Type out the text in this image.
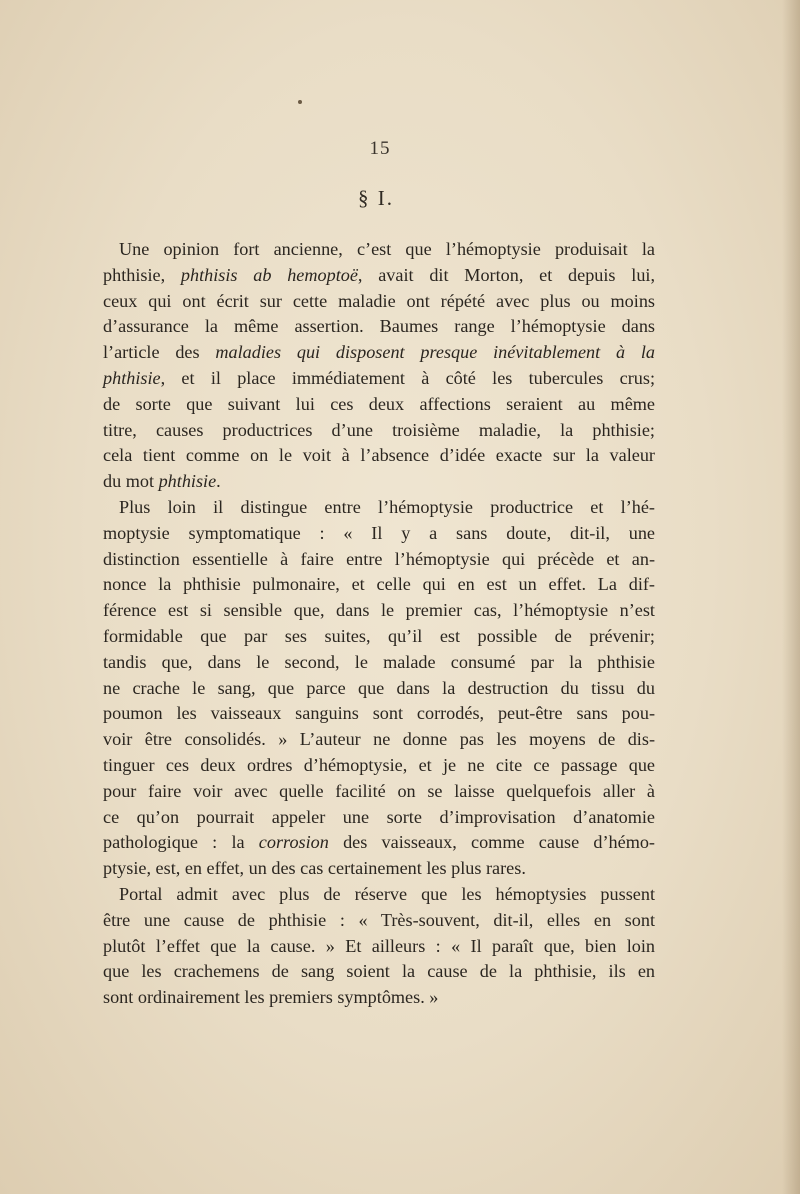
15
§ I.
Une opinion fort ancienne, c’est que l’hémoptysie produisait la
phthisie, phthisis ab hemoptoë, avait dit Morton, et depuis lui,
ceux qui ont écrit sur cette maladie ont répété avec plus ou moins
d’assurance la même assertion. Baumes range l’hémoptysie dans
l’article des maladies qui disposent presque inévitablement à la
phthisie, et il place immédiatement à côté les tubercules crus;
de sorte que suivant lui ces deux affections seraient au même
titre, causes productrices d’une troisième maladie, la phthisie;
cela tient comme on le voit à l’absence d’idée exacte sur la valeur
du mot phthisie.
Plus loin il distingue entre l’hémoptysie productrice et l’hé-
moptysie symptomatique : « Il y a sans doute, dit-il, une
distinction essentielle à faire entre l’hémoptysie qui précède et an-
nonce la phthisie pulmonaire, et celle qui en est un effet. La dif-
férence est si sensible que, dans le premier cas, l’hémoptysie n’est
formidable que par ses suites, qu’il est possible de prévenir;
tandis que, dans le second, le malade consumé par la phthisie
ne crache le sang, que parce que dans la destruction du tissu du
poumon les vaisseaux sanguins sont corrodés, peut-être sans pou-
voir être consolidés. » L’auteur ne donne pas les moyens de dis-
tinguer ces deux ordres d’hémoptysie, et je ne cite ce passage que
pour faire voir avec quelle facilité on se laisse quelquefois aller à
ce qu’on pourrait appeler une sorte d’improvisation d’anatomie
pathologique : la corrosion des vaisseaux, comme cause d’hémo-
ptysie, est, en effet, un des cas certainement les plus rares.
Portal admit avec plus de réserve que les hémoptysies pussent
être une cause de phthisie : « Très-souvent, dit-il, elles en sont
plutôt l’effet que la cause. » Et ailleurs : « Il paraît que, bien loin
que les crachemens de sang soient la cause de la phthisie, ils en
sont ordinairement les premiers symptômes. »
